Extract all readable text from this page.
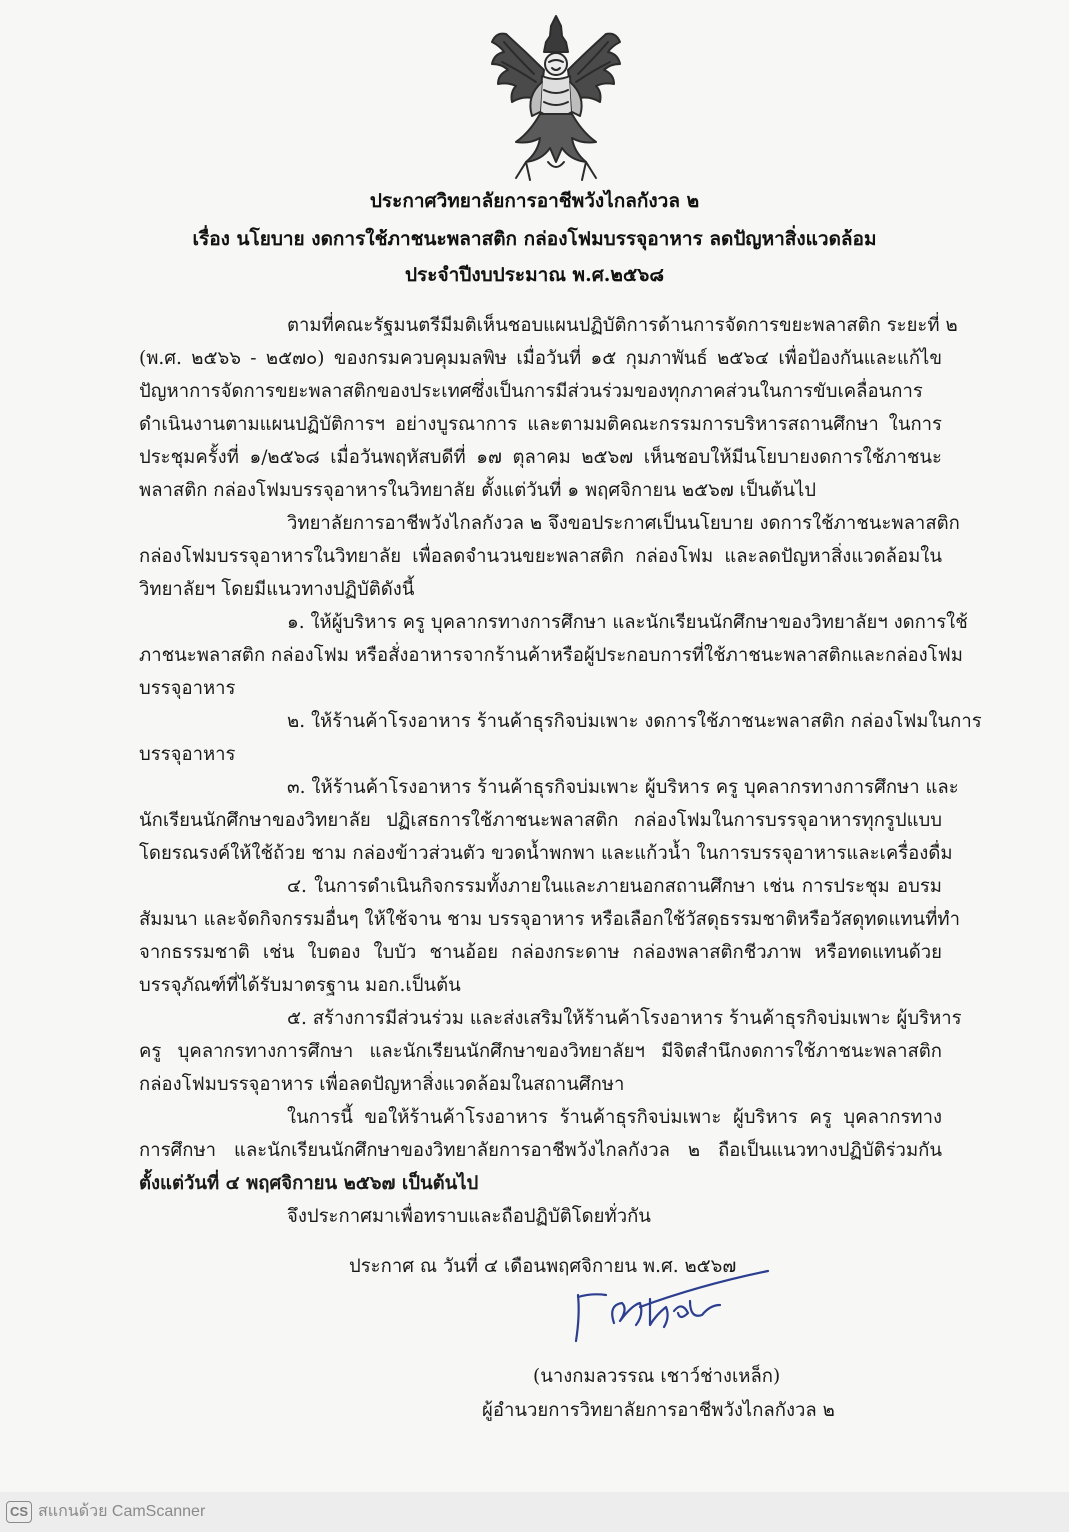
ประกาศวิทยาลัยการอาชีพวังไกลกังวล ๒
เรื่อง นโยบาย งดการใช้ภาชนะพลาสติก กล่องโฟมบรรจุอาหาร ลดปัญหาสิ่งแวดล้อม
ประจำปีงบประมาณ พ.ศ.๒๕๖๘
ตามที่คณะรัฐมนตรีมีมติเห็นชอบแผนปฏิบัติการด้านการจัดการขยะพลาสติก ระยะที่ ๒
(พ.ศ. ๒๕๖๖ - ๒๕๗๐) ของกรมควบคุมมลพิษ เมื่อวันที่ ๑๕ กุมภาพันธ์ ๒๕๖๔ เพื่อป้องกันและแก้ไข
ปัญหาการจัดการขยะพลาสติกของประเทศซึ่งเป็นการมีส่วนร่วมของทุกภาคส่วนในการขับเคลื่อนการ
ดำเนินงานตามแผนปฏิบัติการฯ อย่างบูรณาการ และตามมติคณะกรรมการบริหารสถานศึกษา ในการ
ประชุมครั้งที่ ๑/๒๕๖๘ เมื่อวันพฤหัสบดีที่ ๑๗ ตุลาคม ๒๕๖๗ เห็นชอบให้มีนโยบายงดการใช้ภาชนะ
พลาสติก กล่องโฟมบรรจุอาหารในวิทยาลัย ตั้งแต่วันที่ ๑ พฤศจิกายน ๒๕๖๗ เป็นต้นไป
วิทยาลัยการอาชีพวังไกลกังวล ๒ จึงขอประกาศเป็นนโยบาย งดการใช้ภาชนะพลาสติก
กล่องโฟมบรรจุอาหารในวิทยาลัย เพื่อลดจำนวนขยะพลาสติก กล่องโฟม และลดปัญหาสิ่งแวดล้อมใน
วิทยาลัยฯ โดยมีแนวทางปฏิบัติดังนี้
๑. ให้ผู้บริหาร ครู บุคลากรทางการศึกษา และนักเรียนนักศึกษาของวิทยาลัยฯ งดการใช้
ภาชนะพลาสติก กล่องโฟม หรือสั่งอาหารจากร้านค้าหรือผู้ประกอบการที่ใช้ภาชนะพลาสติกและกล่องโฟม
บรรจุอาหาร
๒. ให้ร้านค้าโรงอาหาร ร้านค้าธุรกิจบ่มเพาะ งดการใช้ภาชนะพลาสติก กล่องโฟมในการ
บรรจุอาหาร
๓. ให้ร้านค้าโรงอาหาร ร้านค้าธุรกิจบ่มเพาะ ผู้บริหาร ครู บุคลากรทางการศึกษา และ
นักเรียนนักศึกษาของวิทยาลัย ปฏิเสธการใช้ภาชนะพลาสติก กล่องโฟมในการบรรจุอาหารทุกรูปแบบ
โดยรณรงค์ให้ใช้ถ้วย ชาม กล่องข้าวส่วนตัว ขวดน้ำพกพา และแก้วน้ำ ในการบรรจุอาหารและเครื่องดื่ม
๔. ในการดำเนินกิจกรรมทั้งภายในและภายนอกสถานศึกษา เช่น การประชุม อบรม
สัมมนา และจัดกิจกรรมอื่นๆ ให้ใช้จาน ชาม บรรจุอาหาร หรือเลือกใช้วัสดุธรรมชาติหรือวัสดุทดแทนที่ทำ
จากธรรมชาติ เช่น ใบตอง ใบบัว ชานอ้อย กล่องกระดาษ กล่องพลาสติกชีวภาพ หรือทดแทนด้วย
บรรจุภัณฑ์ที่ได้รับมาตรฐาน มอก.เป็นต้น
๕. สร้างการมีส่วนร่วม และส่งเสริมให้ร้านค้าโรงอาหาร ร้านค้าธุรกิจบ่มเพาะ ผู้บริหาร
ครู บุคลากรทางการศึกษา และนักเรียนนักศึกษาของวิทยาลัยฯ มีจิตสำนึกงดการใช้ภาชนะพลาสติก
กล่องโฟมบรรจุอาหาร เพื่อลดปัญหาสิ่งแวดล้อมในสถานศึกษา
ในการนี้ ขอให้ร้านค้าโรงอาหาร ร้านค้าธุรกิจบ่มเพาะ ผู้บริหาร ครู บุคลากรทาง
การศึกษา และนักเรียนนักศึกษาของวิทยาลัยการอาชีพวังไกลกังวล ๒ ถือเป็นแนวทางปฏิบัติร่วมกัน
ตั้งแต่วันที่ ๔ พฤศจิกายน ๒๕๖๗ เป็นต้นไป
จึงประกาศมาเพื่อทราบและถือปฏิบัติโดยทั่วกัน
ประกาศ ณ วันที่ ๔ เดือนพฤศจิกายน พ.ศ. ๒๕๖๗
(นางกมลวรรณ เชาว์ช่างเหล็ก)
ผู้อำนวยการวิทยาลัยการอาชีพวังไกลกังวล ๒
CS สแกนด้วย CamScanner
